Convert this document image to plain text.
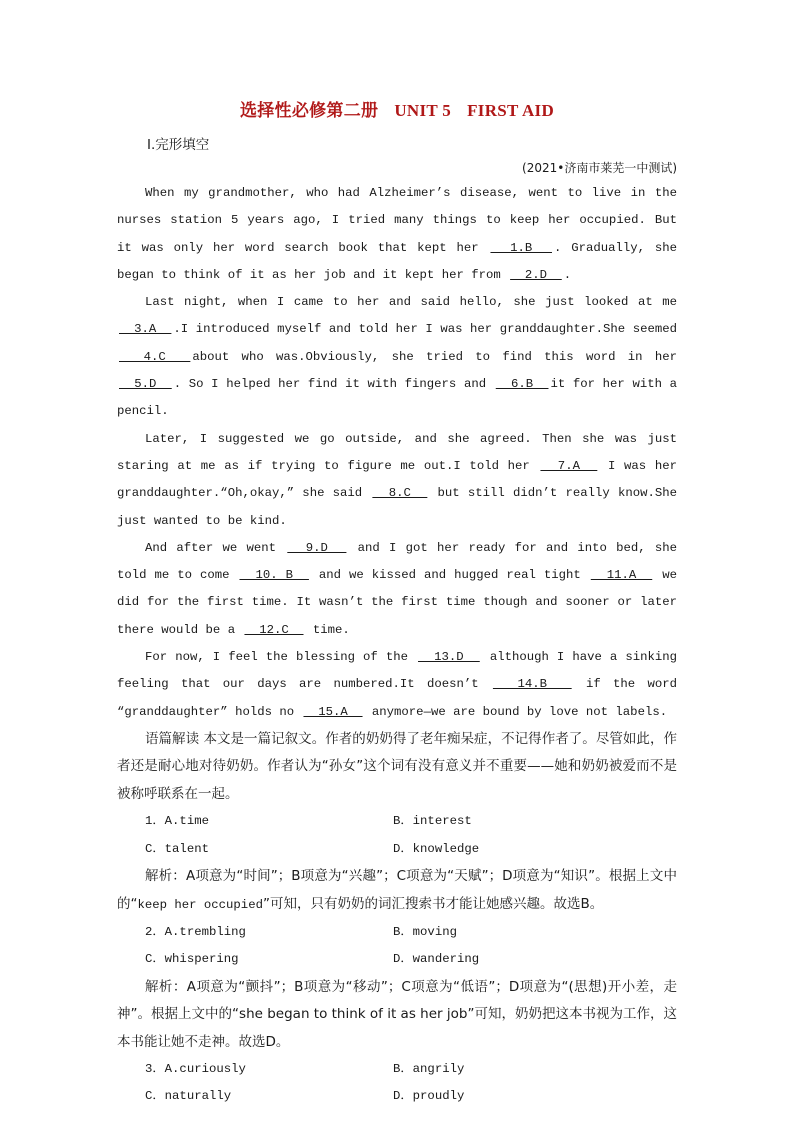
选择性必修第二册 UNIT 5 FIRST AID
Ⅰ.完形填空
(2021•济南市莱芜一中测试)

When my grandmother, who had Alzheimer’s disease, went to live in the nurses station 5 years ago, I tried many things to keep her occupied. But it was only her word search book that kept her   1.B  . Gradually, she began to think of it as her job and it kept her from   2.D  .

Last night, when I came to her and said hello, she just looked at me   3.A  .I introduced myself and told her I was her granddaughter.She seemed   4.C  about who was.Obviously, she tried to find this word in her   5.D  . So I helped her find it with fingers and   6.B  it for her with a pencil.

Later, I suggested we go outside, and she agreed. Then she was just staring at me as if trying to figure me out.I told her   7.A   I was her granddaughter.“Oh,okay,” she said   8.C   but still didn’t really know.She just wanted to be kind.

And after we went   9.D   and I got her ready for and into bed, she told me to come   10. B   and we kissed and hugged real tight   11.A   we did for the first time. It wasn’t the first time though and sooner or later there would be a   12.C   time.

For now, I feel the blessing of the   13.D   although I have a sinking feeling that our days are numbered.It doesn’t   14.B   if the word “granddaughter” holds no   15.A   anymore—we are bound by love not labels.

语篇解读 本文是一篇记叙文。作者的奶奶得了老年痴呆症，不记得作者了。尽管如此，作者还是耐心地对待奶奶。作者认为“孙女”这个词有没有意义并不重要——她和奶奶被爱而不是被称呼联系在一起。

1．A.time	B．interest
C．talent	D．knowledge

解析：A项意为“时间”；B项意为“兴趣”；C项意为“天赋”；D项意为“知识”。根据上文中的“keep her occupied”可知，只有奶奶的词汇搜索书才能让她感兴趣。故选B。

2．A.trembling	B．moving
C．whispering	D．wandering

解析：A项意为“颤抖”；B项意为“移动”；C项意为“低语”；D项意为“(思想)开小差，走神”。根据上文中的“she began to think of it as her job”可知，奶奶把这本书视为工作，这本书能让她不走神。故选D。

3．A.curiously	B．angrily
C．naturally	D．proudly
